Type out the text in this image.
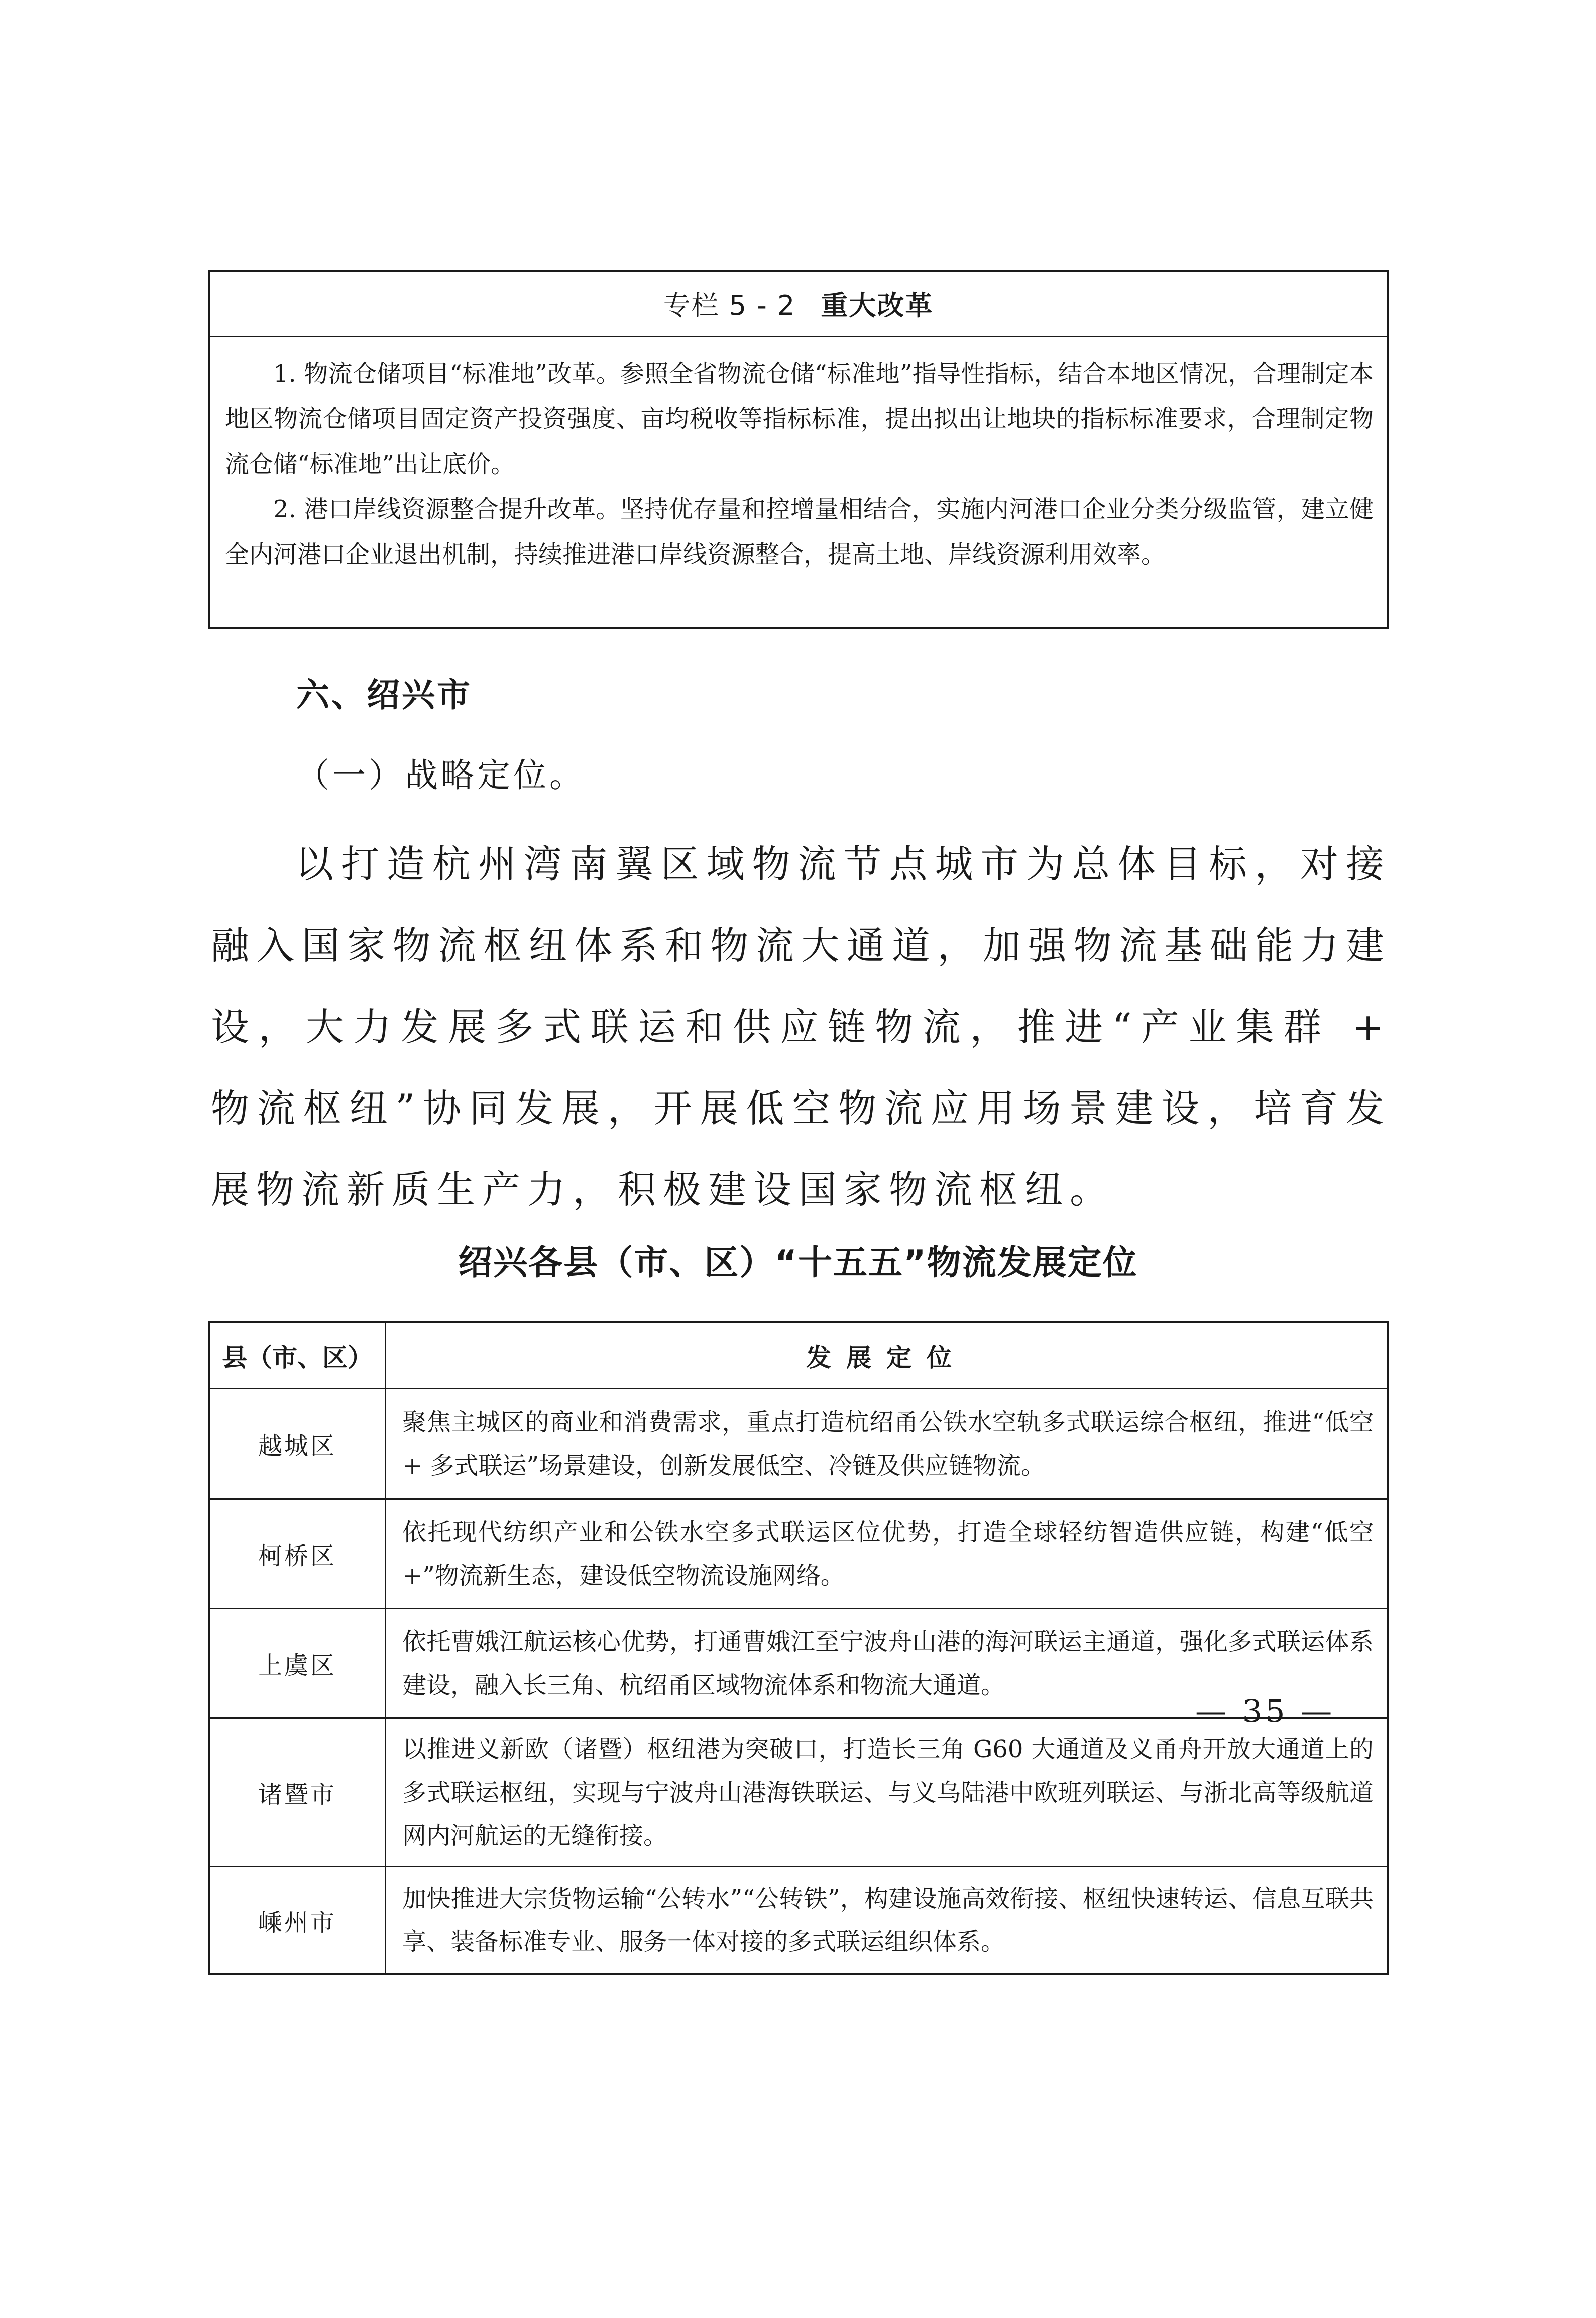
专栏 5 - 2 重大改革

1. 物流仓储项目“标准地”改革。参照全省物流仓储“标准地”指导性指标，结合本地区情况，合理制定本地区物流仓储项目固定资产投资强度、亩均税收等指标标准，提出拟出让地块的指标标准要求，合理制定物流仓储“标准地”出让底价。

2. 港口岸线资源整合提升改革。坚持优存量和控增量相结合，实施内河港口企业分类分级监管，建立健全内河港口企业退出机制，持续推进港口岸线资源整合，提高土地、岸线资源利用效率。

六、绍兴市
（一）战略定位。

以打造杭州湾南翼区域物流节点城市为总体目标，对接融入国家物流枢纽体系和物流大通道，加强物流基础能力建设，大力发展多式联运和供应链物流，推进“产业集群 + 物流枢纽”协同发展，开展低空物流应用场景建设，培育发展物流新质生产力，积极建设国家物流枢纽。

绍兴各县（市、区）“十五五”物流发展定位
县（市、区）	发展定位
越城区	聚焦主城区的商业和消费需求，重点打造杭绍甬公铁水空轨多式联运综合枢纽，推进“低空 + 多式联运”场景建设，创新发展低空、冷链及供应链物流。
柯桥区	依托现代纺织产业和公铁水空多式联运区位优势，打造全球轻纺智造供应链，构建“低空 +”物流新生态，建设低空物流设施网络。
上虞区	依托曹娥江航运核心优势，打通曹娥江至宁波舟山港的海河联运主通道，强化多式联运体系建设，融入长三角、杭绍甬区域物流体系和物流大通道。
诸暨市	以推进义新欧（诸暨）枢纽港为突破口，打造长三角 G60 大通道及义甬舟开放大通道上的多式联运枢纽，实现与宁波舟山港海铁联运、与义乌陆港中欧班列联运、与浙北高等级航道网内河航运的无缝衔接。
嵊州市	加快推进大宗货物运输“公转水”“公转铁”，构建设施高效衔接、枢纽快速转运、信息互联共享、装备标准专业、服务一体对接的多式联运组织体系。
— 35 —
